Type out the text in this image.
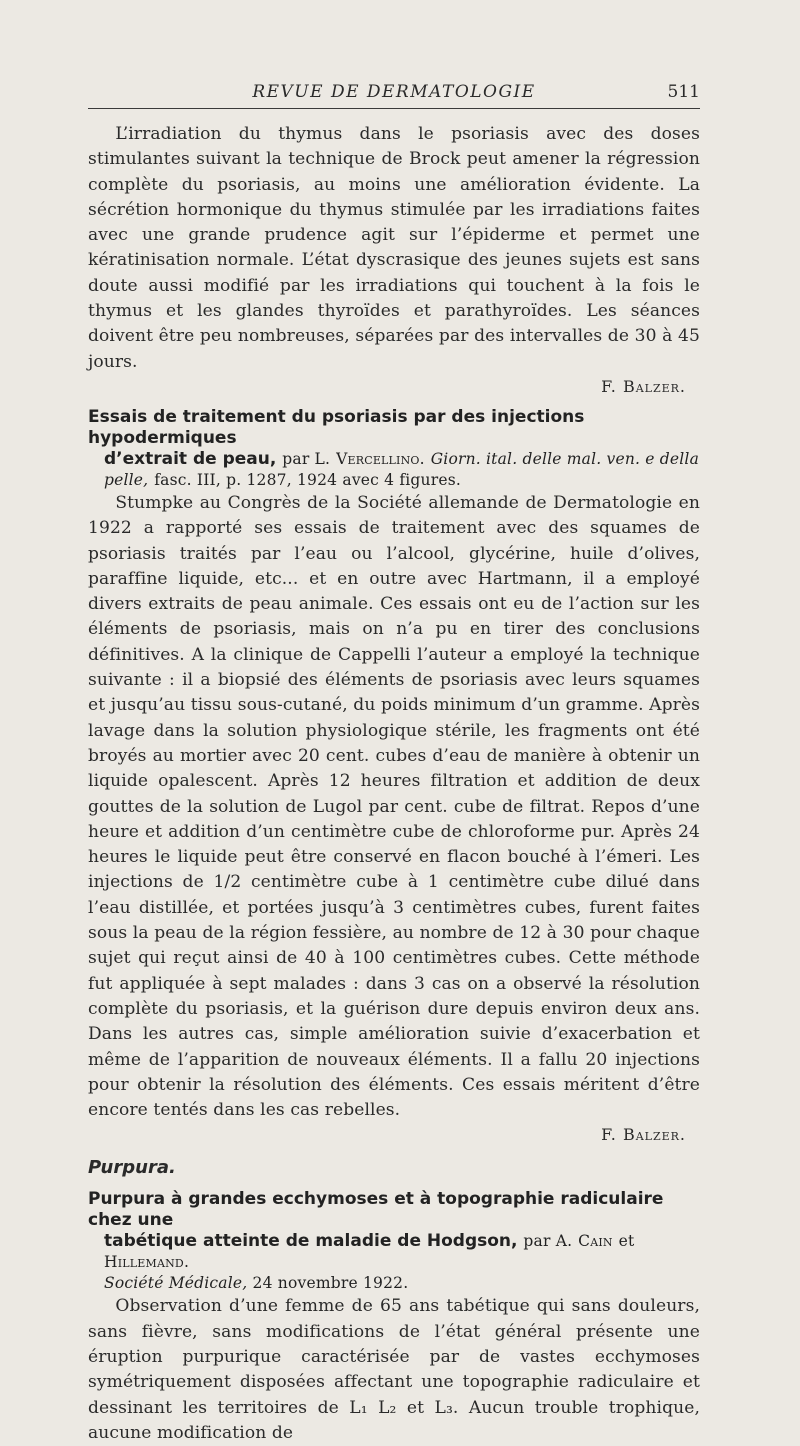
REVUE DE DERMATOLOGIE	511

L’irradiation du thymus dans le psoriasis avec des doses stimulantes suivant la technique de Brock peut amener la régression complète du psoriasis, au moins une amélioration évidente. La sécrétion hormonique du thymus stimulée par les irradiations faites avec une grande prudence agit sur l’épiderme et permet une kératinisation normale. L’état dyscrasique des jeunes sujets est sans doute aussi modifié par les irradiations qui touchent à la fois le thymus et les glandes thyroïdes et parathyroïdes. Les séances doivent être peu nombreuses, séparées par des intervalles de 30 à 45 jours.

F. Balzer.
Essais de traitement du psoriasis par des injections hypodermiques
d’extrait de peau, par L. Vercellino. Giorn. ital. delle mal. ven. e della pelle, fasc. III, p. 1287, 1924 avec 4 figures.

Stumpke au Congrès de la Société allemande de Dermatologie en 1922 a rapporté ses essais de traitement avec des squames de psoriasis traités par l’eau ou l’alcool, glycérine, huile d’olives, paraffine liquide, etc... et en outre avec Hartmann, il a employé divers extraits de peau animale. Ces essais ont eu de l’action sur les éléments de psoriasis, mais on n’a pu en tirer des conclusions définitives. A la clinique de Cappelli l’auteur a employé la technique suivante : il a biopsié des éléments de psoriasis avec leurs squames et jusqu’au tissu sous-cutané, du poids minimum d’un gramme. Après lavage dans la solution physiologique stérile, les fragments ont été broyés au mortier avec 20 cent. cubes d’eau de manière à obtenir un liquide opalescent. Après 12 heures filtration et addition de deux gouttes de la solution de Lugol par cent. cube de filtrat. Repos d’une heure et addition d’un centimètre cube de chloroforme pur. Après 24 heures le liquide peut être conservé en flacon bouché à l’émeri. Les injections de 1/2 centimètre cube à 1 centimètre cube dilué dans l’eau distillée, et portées jusqu’à 3 centimètres cubes, furent faites sous la peau de la région fessière, au nombre de 12 à 30 pour chaque sujet qui reçut ainsi de 40 à 100 centimètres cubes. Cette méthode fut appliquée à sept malades : dans 3 cas on a observé la résolution complète du psoriasis, et la guérison dure depuis environ deux ans. Dans les autres cas, simple amélioration suivie d’exacerbation et même de l’apparition de nouveaux éléments. Il a fallu 20 injections pour obtenir la résolution des éléments. Ces essais méritent d’être encore tentés dans les cas rebelles.

F. Balzer.
Purpura.
Purpura à grandes ecchymoses et à topographie radiculaire chez une
tabétique atteinte de maladie de Hodgson, par A. Cain et Hillemand.
Société Médicale, 24 novembre 1922.

Observation d’une femme de 65 ans tabétique qui sans douleurs, sans fièvre, sans modifications de l’état général présente une éruption purpurique caractérisée par de vastes ecchymoses symétriquement disposées affectant une topographie radiculaire et dessinant les territoires de L₁ L₂ et L₃. Aucun trouble trophique, aucune modification de
